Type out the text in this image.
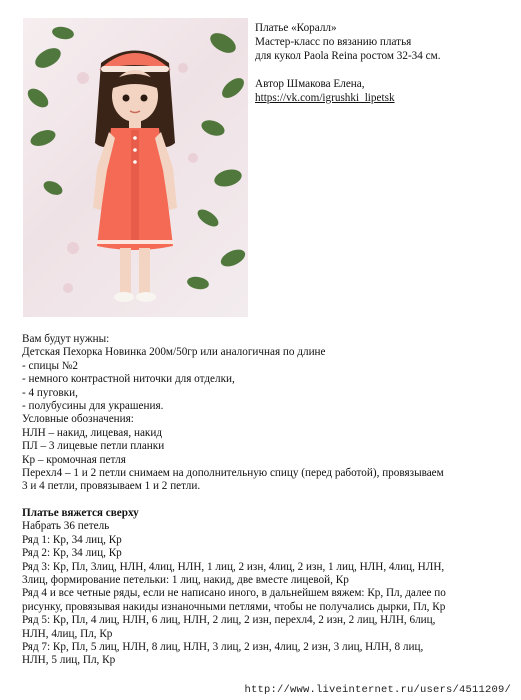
Платье «Коралл»
Мастер-класс по вязанию платья
для кукол Paola Reina ростом 32-34 см.
Автор Шмакова Елена,
https://vk.com/igrushki_lipetsk
Вам будут нужны:
Детская Пехорка Новинка 200м/50гр или аналогичная по длине
- спицы №2
- немного контрастной ниточки для отделки,
- 4 пуговки,
- полубусины для украшения.
Условные обозначения:
НЛН – накид, лицевая, накид
ПЛ – 3 лицевые петли планки
Кр – кромочная петля
Перехл4 – 1 и 2 петли снимаем на дополнительную спицу (перед работой), провязываем
3 и 4 петли, провязываем 1 и 2 петли.
Платье вяжется сверху
Набрать 36 петель
Ряд 1: Кр, 34 лиц, Кр
Ряд 2: Кр, 34 лиц, Кр
Ряд 3: Кр, Пл, 3лиц, НЛН, 4лиц, НЛН, 1 лиц, 2 изн, 4лиц, 2 изн, 1 лиц, НЛН, 4лиц, НЛН,
3лиц, формирование петельки: 1 лиц, накид, две вместе лицевой, Кр
Ряд 4 и все четные ряды, если не написано иного, в дальнейшем вяжем: Кр, Пл, далее по
рисунку, провязывая накиды изнаночными петлями, чтобы не получались дырки, Пл, Кр
Ряд 5: Кр, Пл, 4 лиц, НЛН, 6 лиц, НЛН, 2 лиц, 2 изн, перехл4, 2 изн, 2 лиц, НЛН, 6лиц,
НЛН, 4лиц, Пл, Кр
Ряд 7: Кр, Пл, 5 лиц, НЛН, 8 лиц, НЛН, 3 лиц, 2 изн, 4лиц, 2 изн, 3 лиц, НЛН, 8 лиц,
НЛН, 5 лиц, Пл, Кр
http://www.liveinternet.ru/users/4511209/
